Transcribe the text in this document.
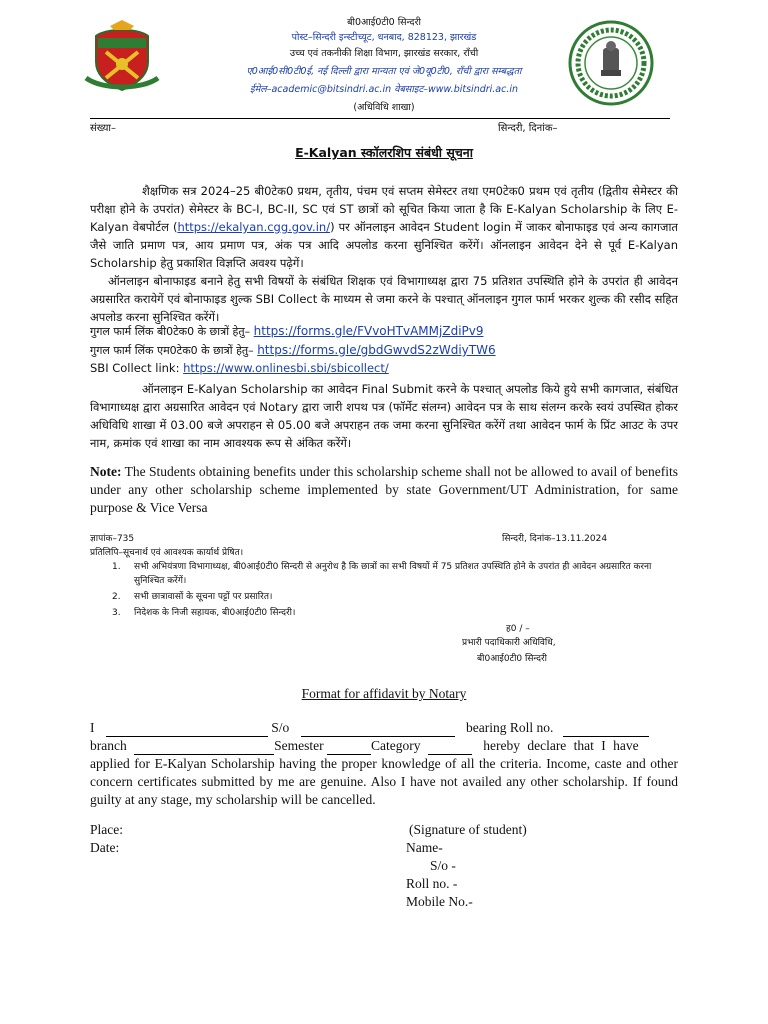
बी0आई0टी0 सिन्दरी
पोस्ट–सिन्दरी इन्स्टीच्यूट, धनबाद, 828123, झारखंड
उच्च एवं तकनीकी शिक्षा विभाग, झारखंड सरकार, राँची
ए0आई0सी0टी0ई, नई दिल्ली द्वारा मान्यता एवं जे0यू0टी0, राँची द्वारा सम्बद्धता
ईमेल–academic@bitsindri.ac.in वेबसाइट–www.bitsindri.ac.in
(अधिविधि शाखा)
संख्या–	सिन्दरी, दिनांक–
E-Kalyan स्कॉलरशिप संबंधी सूचना
शैक्षणिक सत्र 2024–25 बी0टेक0 प्रथम, तृतीय, पंचम एवं सप्तम सेमेस्टर तथा एम0टेक0 प्रथम एवं तृतीय (द्वितीय सेमेस्टर की परीक्षा होने के उपरांत) सेमेस्टर के BC-I, BC-II, SC एवं ST छात्रों को सूचित किया जाता है कि E-Kalyan Scholarship के लिए E-Kalyan वेबपोर्टल (https://ekalyan.cgg.gov.in/) पर ऑनलाइन आवेदन Student login में जाकर बोनाफाइड एवं अन्य कागजात जैसे जाति प्रमाण पत्र, आय प्रमाण पत्र, अंक पत्र आदि अपलोड करना सुनिश्चित करेंगें। ऑनलाइन आवेदन देने से पूर्व E-Kalyan Scholarship हेतु प्रकाशित विज्ञप्ति अवश्य पढ़ेगें।
ऑनलाइन बोनाफाइड बनाने हेतु सभी विषयों के संबंधित शिक्षक एवं विभागाध्यक्ष द्वारा 75 प्रतिशत उपस्थिति होने के उपरांत ही आवेदन अग्रसारित करायेगें एवं बोनाफाइड शुल्क SBI Collect के माध्यम से जमा करने के पश्चात् ऑनलाइन गुगल फार्म भरकर शुल्क की रसीद सहित अपलोड करना सुनिश्चित करेंगें।
गुगल फार्म लिंक बी0टेक0 के छात्रों हेतु– https://forms.gle/FVvoHTvAMMjZdiPv9
गुगल फार्म लिंक एम0टेक0 के छात्रों हेतु– https://forms.gle/gbdGwvdS2zWdiyTW6
SBI Collect link: https://www.onlinesbi.sbi/sbicollect/
ऑनलाइन E-Kalyan Scholarship का आवेदन Final Submit करने के पश्चात् अपलोड किये हुये सभी कागजात, संबंधित विभागाध्यक्ष द्वारा अग्रसारित आवेदन एवं Notary द्वारा जारी शपथ पत्र (फॉर्मेट संलग्न) आवेदन पत्र के साथ संलग्न करके स्वयं उपस्थित होकर अधिविधि शाखा में 03.00 बजे अपराहन से 05.00 बजे अपराहन तक जमा करना सुनिश्चित करेंगें तथा आवेदन फार्म के प्रिंट आउट के उपर नाम, क्रमांक एवं शाखा का नाम आवश्यक रूप से अंकित करेंगें।
Note: The Students obtaining benefits under this scholarship scheme shall not be allowed to avail of benefits under any other scholarship scheme implemented by state Government/UT Administration, for same purpose & Vice Versa
ज्ञापांक–735	सिन्दरी, दिनांक–13.11.2024
प्रतिलिपि–सूचनार्थ एवं आवश्यक कार्यार्थ प्रेषित।
1.	सभी अभियंत्रणा विभागाध्यक्ष, बी0आई0टी0 सिन्दरी से अनुरोध है कि छात्रों का सभी विषयों में 75 प्रतिशत उपस्थिति होने के उपरांत ही आवेदन अग्रसारित करना सुनिश्चित करेंगें।
2.	सभी छात्रावासों के सूचना पट्टों पर प्रसारित।
3.	निदेशक के निजी सहायक, बी0आई0टी0 सिन्दरी।
ह0 / –
प्रभारी पदाधिकारी अधिविधि,
बी0आई0टी0 सिन्दरी
Format for affidavit by Notary
I	S/o	bearing Roll no.
branch	Semester	Category	hereby declare that I have
applied for E-Kalyan Scholarship having the proper knowledge of all the criteria. Income, caste and other concern certificates submitted by me are genuine. Also I have not availed any other scholarship. If found guilty at any stage, my scholarship will be cancelled.
Place:
Date:
(Signature of student)
Name-
S/o -
Roll no. -
Mobile No.-
